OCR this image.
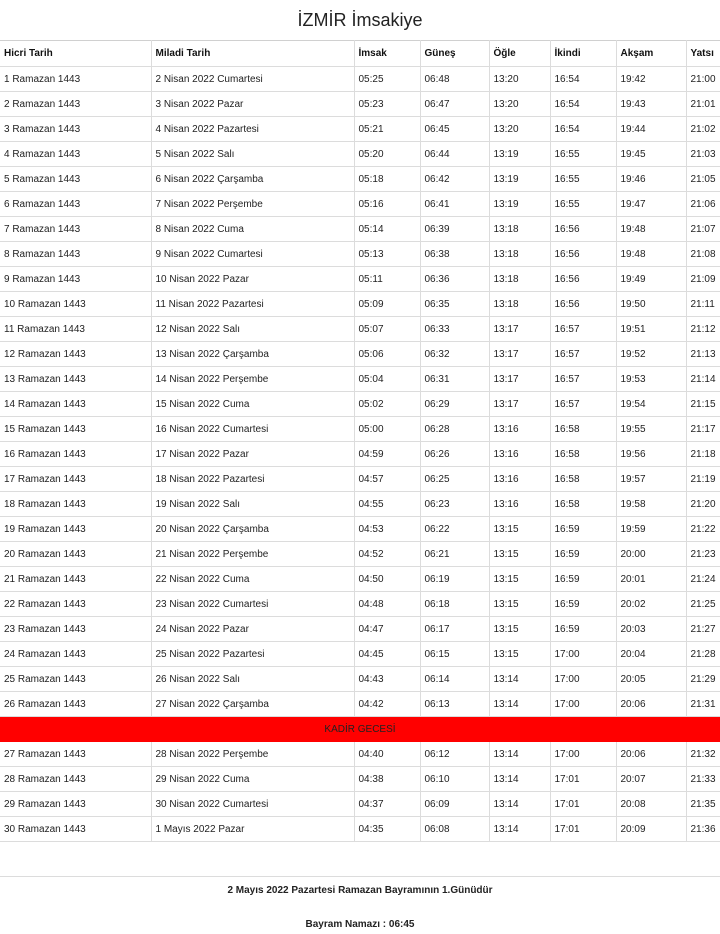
İZMİR İmsakiye
Hicri Tarih	Miladi Tarih	İmsak	Güneş	Öğle	İkindi	Akşam	Yatsı
1 Ramazan 1443	2 Nisan 2022 Cumartesi	05:25	06:48	13:20	16:54	19:42	21:00
2 Ramazan 1443	3 Nisan 2022 Pazar	05:23	06:47	13:20	16:54	19:43	21:01
3 Ramazan 1443	4 Nisan 2022 Pazartesi	05:21	06:45	13:20	16:54	19:44	21:02
4 Ramazan 1443	5 Nisan 2022 Salı	05:20	06:44	13:19	16:55	19:45	21:03
5 Ramazan 1443	6 Nisan 2022 Çarşamba	05:18	06:42	13:19	16:55	19:46	21:05
6 Ramazan 1443	7 Nisan 2022 Perşembe	05:16	06:41	13:19	16:55	19:47	21:06
7 Ramazan 1443	8 Nisan 2022 Cuma	05:14	06:39	13:18	16:56	19:48	21:07
8 Ramazan 1443	9 Nisan 2022 Cumartesi	05:13	06:38	13:18	16:56	19:48	21:08
9 Ramazan 1443	10 Nisan 2022 Pazar	05:11	06:36	13:18	16:56	19:49	21:09
10 Ramazan 1443	11 Nisan 2022 Pazartesi	05:09	06:35	13:18	16:56	19:50	21:11
11 Ramazan 1443	12 Nisan 2022 Salı	05:07	06:33	13:17	16:57	19:51	21:12
12 Ramazan 1443	13 Nisan 2022 Çarşamba	05:06	06:32	13:17	16:57	19:52	21:13
13 Ramazan 1443	14 Nisan 2022 Perşembe	05:04	06:31	13:17	16:57	19:53	21:14
14 Ramazan 1443	15 Nisan 2022 Cuma	05:02	06:29	13:17	16:57	19:54	21:15
15 Ramazan 1443	16 Nisan 2022 Cumartesi	05:00	06:28	13:16	16:58	19:55	21:17
16 Ramazan 1443	17 Nisan 2022 Pazar	04:59	06:26	13:16	16:58	19:56	21:18
17 Ramazan 1443	18 Nisan 2022 Pazartesi	04:57	06:25	13:16	16:58	19:57	21:19
18 Ramazan 1443	19 Nisan 2022 Salı	04:55	06:23	13:16	16:58	19:58	21:20
19 Ramazan 1443	20 Nisan 2022 Çarşamba	04:53	06:22	13:15	16:59	19:59	21:22
20 Ramazan 1443	21 Nisan 2022 Perşembe	04:52	06:21	13:15	16:59	20:00	21:23
21 Ramazan 1443	22 Nisan 2022 Cuma	04:50	06:19	13:15	16:59	20:01	21:24
22 Ramazan 1443	23 Nisan 2022 Cumartesi	04:48	06:18	13:15	16:59	20:02	21:25
23 Ramazan 1443	24 Nisan 2022 Pazar	04:47	06:17	13:15	16:59	20:03	21:27
24 Ramazan 1443	25 Nisan 2022 Pazartesi	04:45	06:15	13:15	17:00	20:04	21:28
25 Ramazan 1443	26 Nisan 2022 Salı	04:43	06:14	13:14	17:00	20:05	21:29
26 Ramazan 1443	27 Nisan 2022 Çarşamba	04:42	06:13	13:14	17:00	20:06	21:31
KADİR GECESİ							
27 Ramazan 1443	28 Nisan 2022 Perşembe	04:40	06:12	13:14	17:00	20:06	21:32
28 Ramazan 1443	29 Nisan 2022 Cuma	04:38	06:10	13:14	17:01	20:07	21:33
29 Ramazan 1443	30 Nisan 2022 Cumartesi	04:37	06:09	13:14	17:01	20:08	21:35
30 Ramazan 1443	1 Mayıs 2022 Pazar	04:35	06:08	13:14	17:01	20:09	21:36
2 Mayıs 2022 Pazartesi Ramazan Bayramının 1.Günüdür
Bayram Namazı : 06:45
